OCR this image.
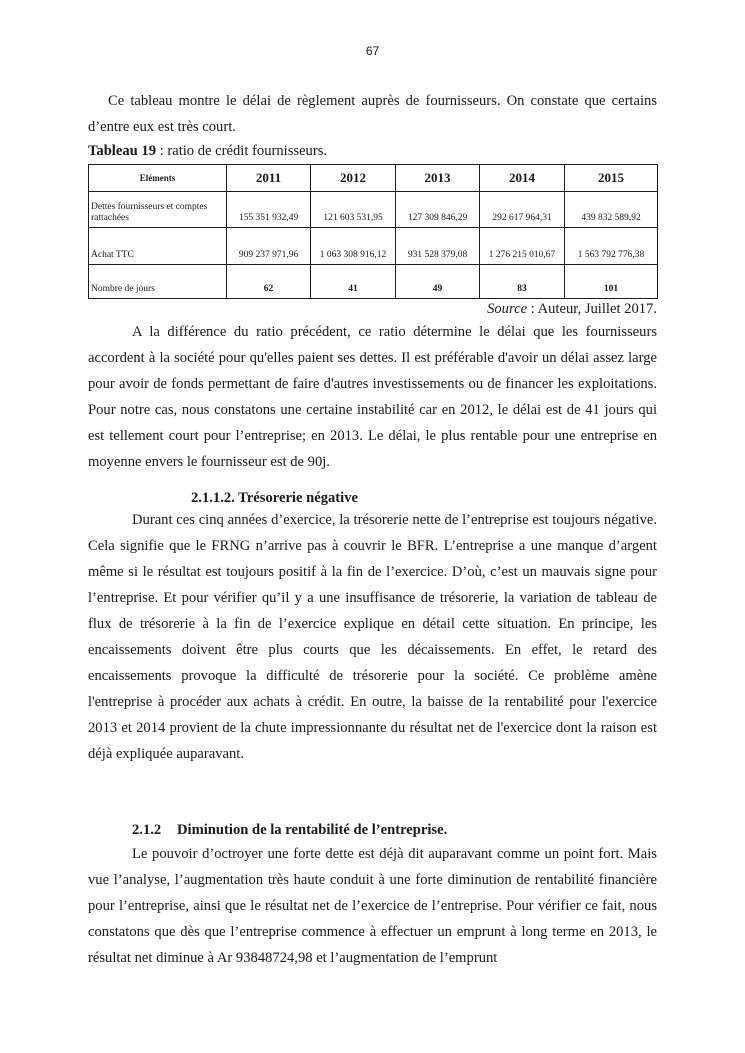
67

Ce tableau montre le délai de règlement auprès de fournisseurs. On constate que certains d’entre eux est très court.

Tableau 19 : ratio de crédit fournisseurs.

Eléments	2011	2012	2013	2014	2015
Dettes fournisseurs et comptes rattachées	155 351 932,49	121 603 531,95	127 309 846,29	292 617 964,31	439 832 589,92
Achat TTC	909 237 971,96	1 063 308 916,12	931 528 379,08	1 276 215 010,67	1 563 792 776,38
Nombre de jours	62	41	49	83	101

Source : Auteur, Juillet 2017.

A la différence du ratio précédent, ce ratio détermine le délai que les fournisseurs accordent à la société pour qu'elles paient ses dettes. Il est préférable d'avoir un délai assez large pour avoir de fonds permettant de faire d'autres investissements ou de financer les exploitations. Pour notre cas, nous constatons une certaine instabilité car en 2012, le délai est de 41 jours qui est tellement court pour l’entreprise; en 2013. Le délai, le plus rentable pour une entreprise en moyenne envers le fournisseur est de 90j.

2.1.1.2. Trésorerie négative

Durant ces cinq années d’exercice, la trésorerie nette de l’entreprise est toujours négative. Cela signifie que le FRNG n’arrive pas à couvrir le BFR. L’entreprise a une manque d’argent même si le résultat est toujours positif à la fin de l’exercice. D’où, c’est un mauvais signe pour l’entreprise. Et pour vérifier qu’il y a une insuffisance de trésorerie, la variation de tableau de flux de trésorerie à la fin de l’exercice explique en détail cette situation. En principe, les encaissements doivent être plus courts que les décaissements. En effet, le retard des encaissements provoque la difficulté de trésorerie pour la société. Ce problème amène l'entreprise à procéder aux achats à crédit. En outre, la baisse de la rentabilité pour l'exercice 2013 et 2014 provient de la chute impressionnante du résultat net de l'exercice dont la raison est déjà expliquée auparavant.

2.1.2 Diminution de la rentabilité de l’entreprise.

Le pouvoir d’octroyer une forte dette est déjà dit auparavant comme un point fort. Mais vue l’analyse, l’augmentation très haute conduit à une forte diminution de rentabilité financière pour l’entreprise, ainsi que le résultat net de l’exercice de l’entreprise. Pour vérifier ce fait, nous constatons que dès que l’entreprise commence à effectuer un emprunt à long terme en 2013, le résultat net diminue à Ar 93848724,98 et l’augmentation de l’emprunt
